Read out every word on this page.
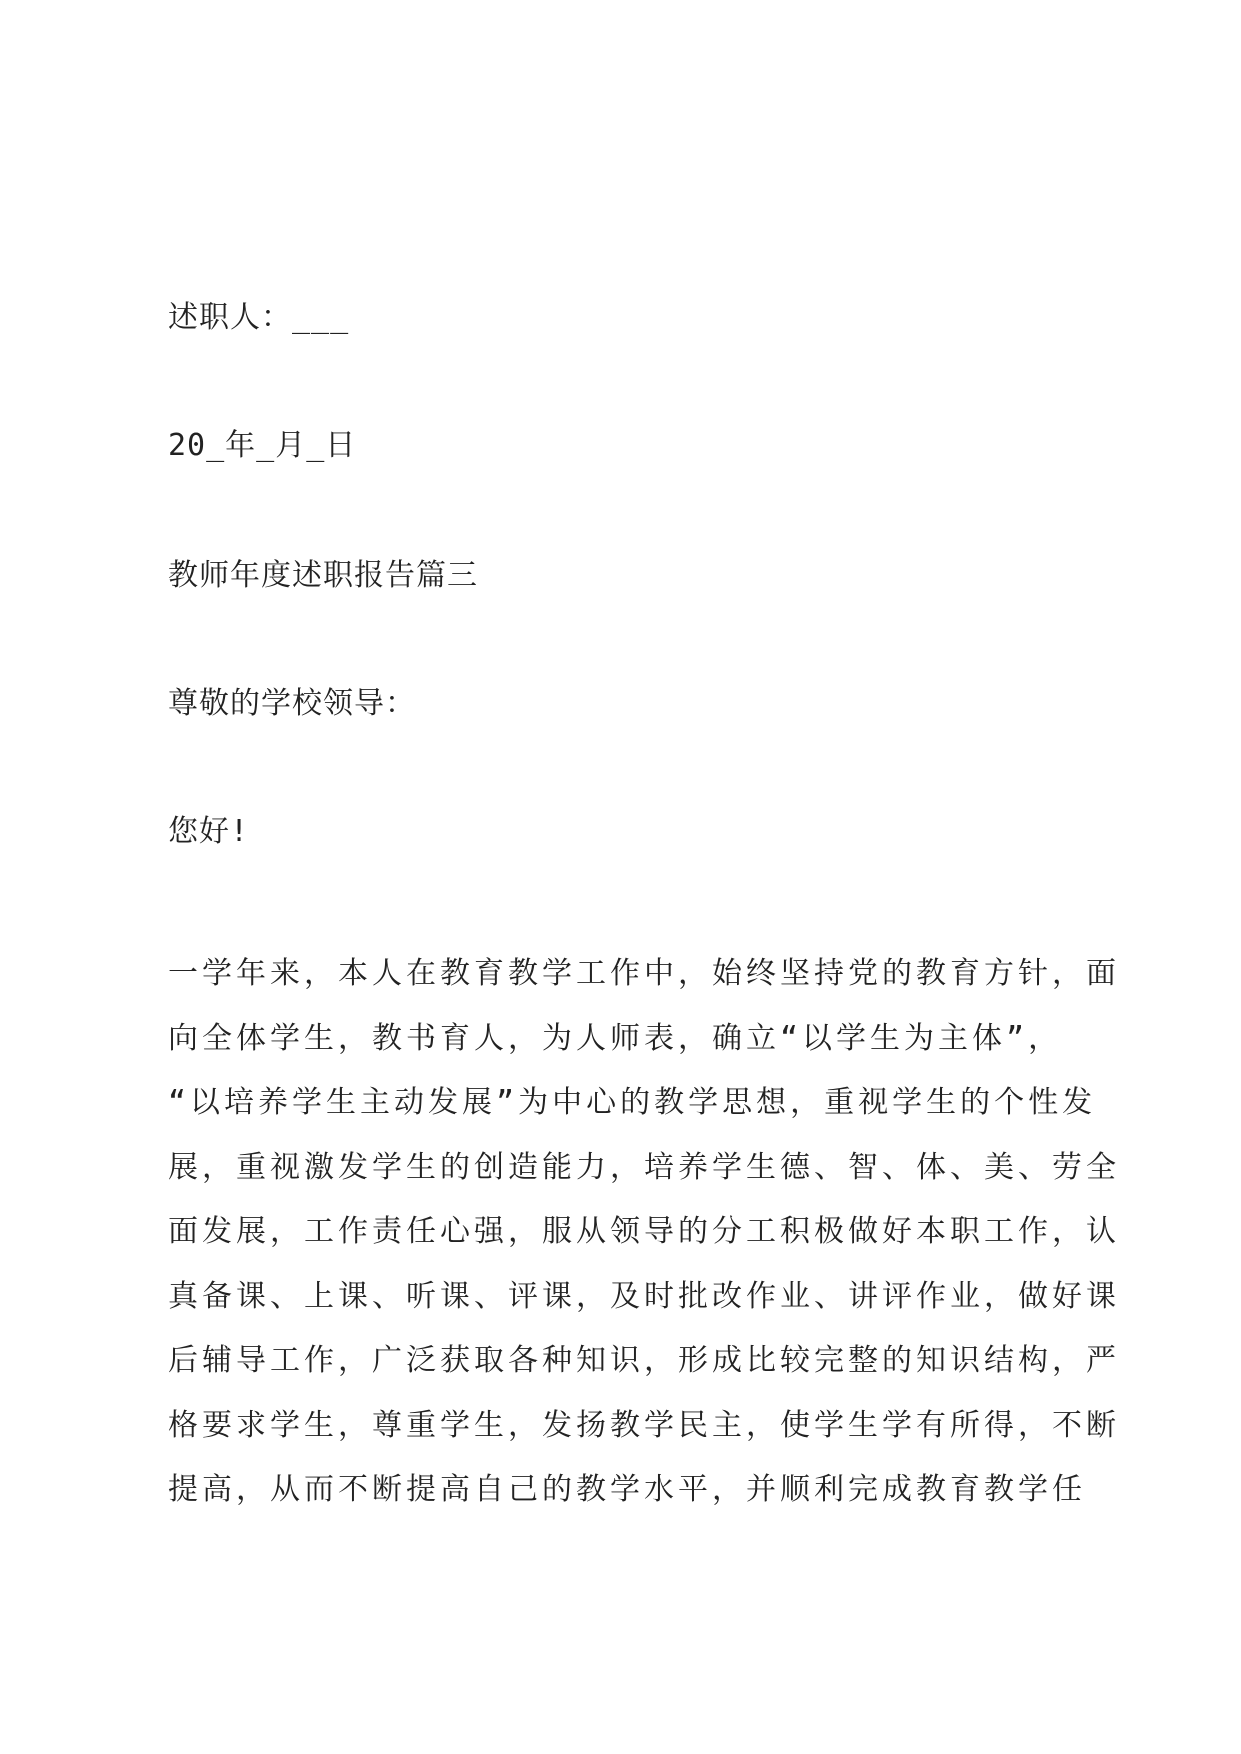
述职人：___
20_年_月_日
教师年度述职报告篇三
尊敬的学校领导：
您好!
一学年来，本人在教育教学工作中，始终坚持党的教育方针，面
向全体学生，教书育人，为人师表，确立“以学生为主体”，
“以培养学生主动发展”为中心的教学思想，重视学生的个性发
展，重视激发学生的创造能力，培养学生德、智、体、美、劳全
面发展，工作责任心强，服从领导的分工积极做好本职工作，认
真备课、上课、听课、评课，及时批改作业、讲评作业，做好课
后辅导工作，广泛获取各种知识，形成比较完整的知识结构，严
格要求学生，尊重学生，发扬教学民主，使学生学有所得，不断
提高，从而不断提高自己的教学水平，并顺利完成教育教学任
